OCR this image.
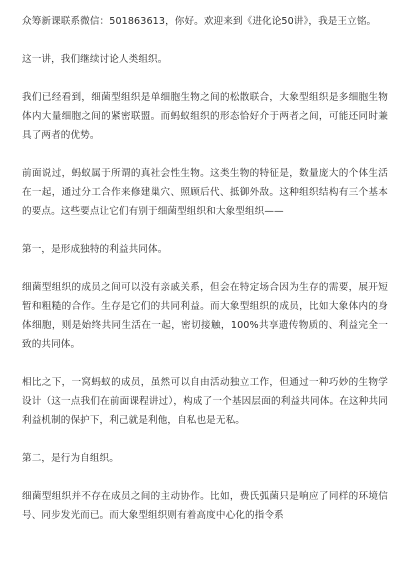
众筹新课联系微信：501863613，你好。欢迎来到《进化论50讲》，我是王立铭。

这一讲，我们继续讨论人类组织。

我们已经看到，细菌型组织是单细胞生物之间的松散联合，大象型组织是多细胞生物体内大量细胞之间的紧密联盟。而蚂蚁组织的形态恰好介于两者之间，可能还同时兼具了两者的优势。

前面说过，蚂蚁属于所谓的真社会性生物。这类生物的特征是，数量庞大的个体生活在一起，通过分工合作来修建巢穴、照顾后代、抵御外敌。这种组织结构有三个基本的要点。这些要点让它们有别于细菌型组织和大象型组织——

第一，是形成独特的利益共同体。

细菌型组织的成员之间可以没有亲戚关系，但会在特定场合因为生存的需要，展开短暂和粗糙的合作。生存是它们的共同利益。而大象型组织的成员，比如大象体内的身体细胞，则是始终共同生活在一起，密切接触，100%共享遗传物质的、利益完全一致的共同体。

相比之下，一窝蚂蚁的成员，虽然可以自由活动独立工作，但通过一种巧妙的生物学设计（这一点我们在前面课程讲过），构成了一个基因层面的利益共同体。在这种共同利益机制的保护下，利己就是利他，自私也是无私。

第二，是行为自组织。

细菌型组织并不存在成员之间的主动协作。比如，费氏弧菌只是响应了同样的环境信号、同步发光而已。而大象型组织则有着高度中心化的指令系
